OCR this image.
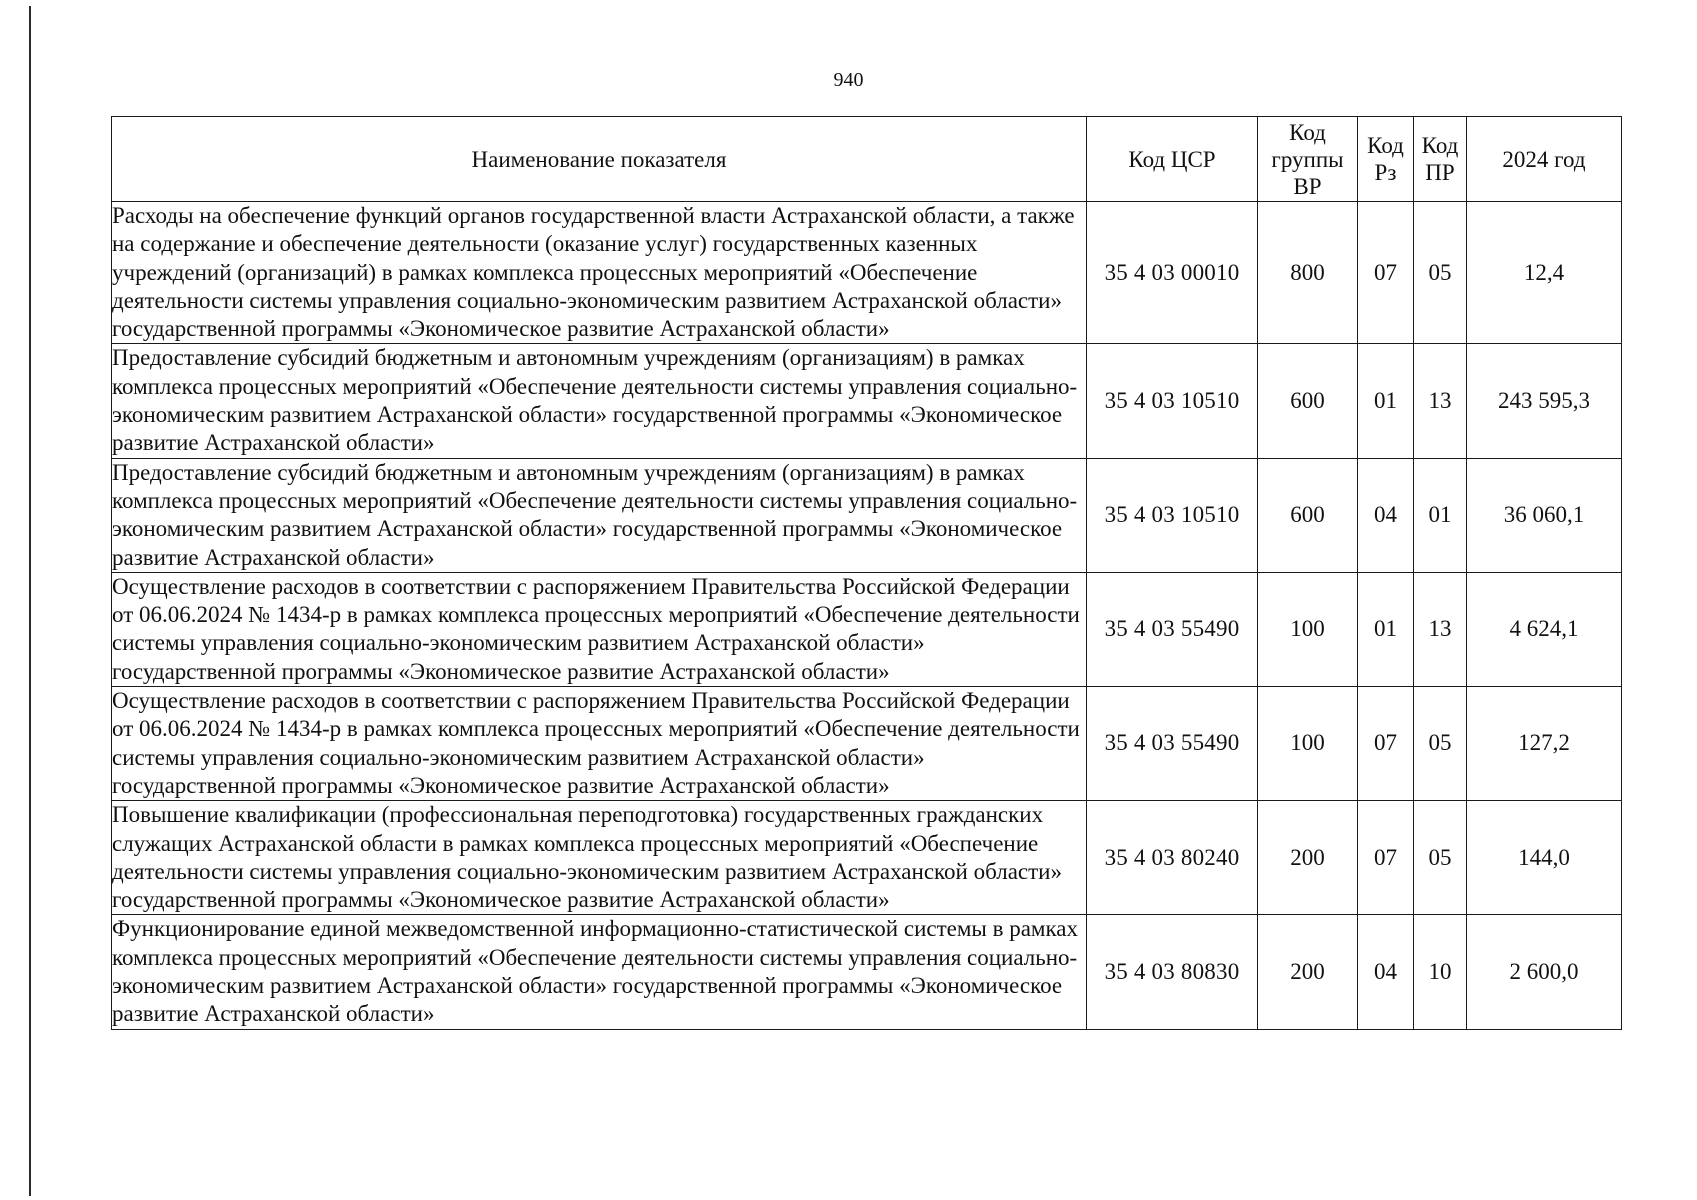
940
Наименование показателя	Код ЦСР	Код группы ВР	Код Рз	Код ПР	2024 год
Расходы на обеспечение функций органов государственной власти Астраханской области, а также на содержание и обеспечение деятельности (оказание услуг) государственных казенных учреждений (организаций) в рамках комплекса процессных мероприятий «Обеспечение деятельности системы управления социально-экономическим развитием Астраханской области» государственной программы «Экономическое развитие Астраханской области»	35 4 03 00010	800	07	05	12,4
Предоставление субсидий бюджетным и автономным учреждениям (организациям) в рамках комплекса процессных мероприятий «Обеспечение деятельности системы управления социально-экономическим развитием Астраханской области» государственной программы «Экономическое развитие Астраханской области»	35 4 03 10510	600	01	13	243 595,3
Предоставление субсидий бюджетным и автономным учреждениям (организациям) в рамках комплекса процессных мероприятий «Обеспечение деятельности системы управления социально-экономическим развитием Астраханской области» государственной программы «Экономическое развитие Астраханской области»	35 4 03 10510	600	04	01	36 060,1
Осуществление расходов в соответствии с распоряжением Правительства Российской Федерации от 06.06.2024 № 1434-р в рамках комплекса процессных мероприятий «Обеспечение деятельности системы управления социально-экономическим развитием Астраханской области» государственной программы «Экономическое развитие Астраханской области»	35 4 03 55490	100	01	13	4 624,1
Осуществление расходов в соответствии с распоряжением Правительства Российской Федерации от 06.06.2024 № 1434-р в рамках комплекса процессных мероприятий «Обеспечение деятельности системы управления социально-экономическим развитием Астраханской области» государственной программы «Экономическое развитие Астраханской области»	35 4 03 55490	100	07	05	127,2
Повышение квалификации (профессиональная переподготовка) государственных гражданских служащих Астраханской области в рамках комплекса процессных мероприятий «Обеспечение деятельности системы управления социально-экономическим развитием Астраханской области» государственной программы «Экономическое развитие Астраханской области»	35 4 03 80240	200	07	05	144,0
Функционирование единой межведомственной информационно-статистической системы в рамках комплекса процессных мероприятий «Обеспечение деятельности системы управления социально-экономическим развитием Астраханской области» государственной программы «Экономическое развитие Астраханской области»	35 4 03 80830	200	04	10	2 600,0
